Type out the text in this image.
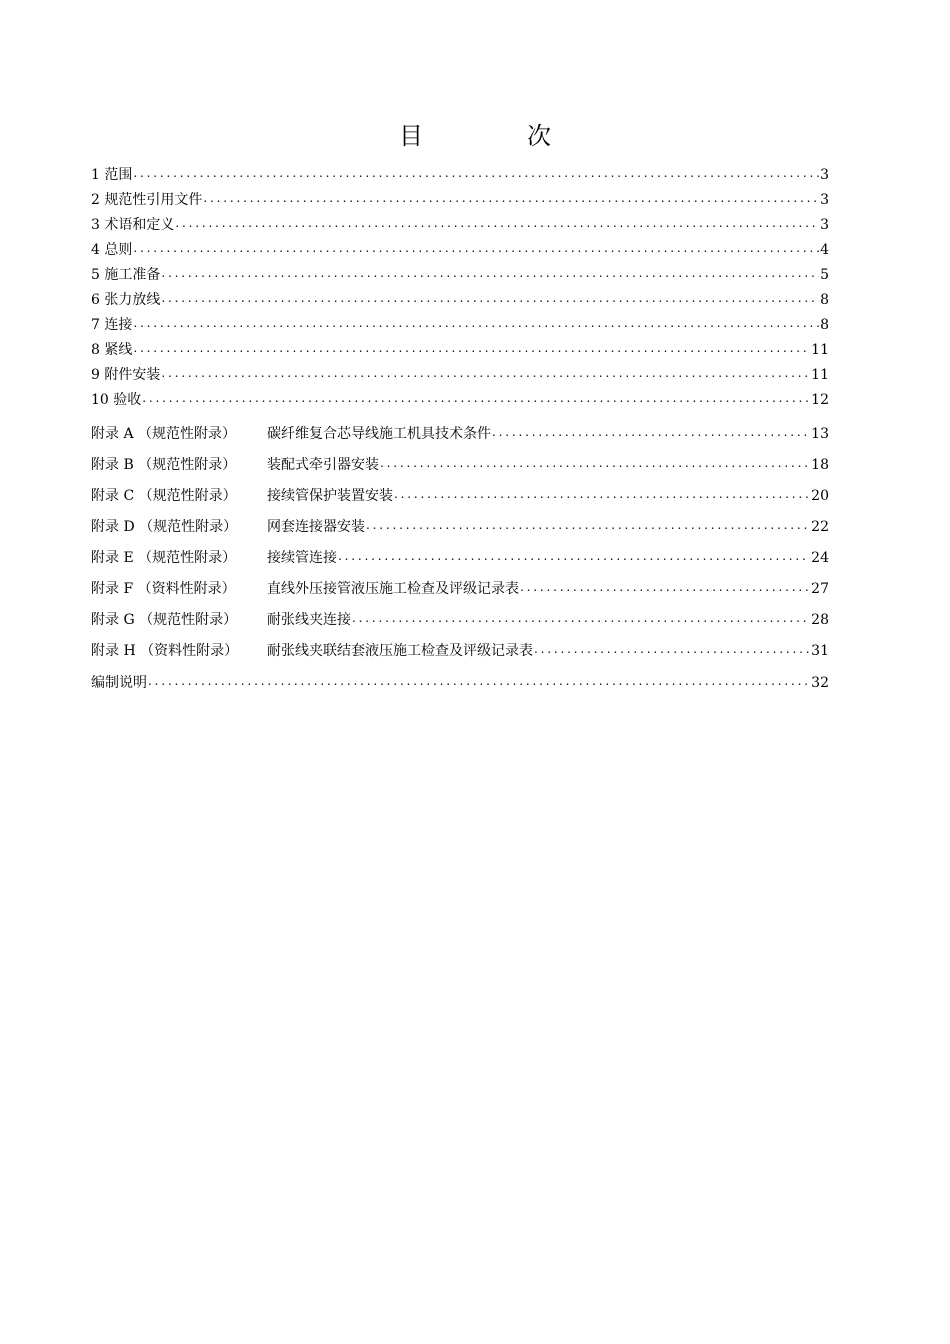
目　次
1 范围 . . .	3
2 规范性引用文件 . . .	3
3 术语和定义 . . .	3
4 总则 . . .	4
5 施工准备 . . .	5
6 张力放线 . . .	8
7 连接 . . .	8
8 紧线 . . .	11
9 附件安装 . . .	11
10 验收 . . .	12
附录 A （规范性附录） 碳纤维复合芯导线施工机具技术条件 . . .	13
附录 B （规范性附录） 装配式牵引器安装 . . .	18
附录 C （规范性附录） 接续管保护装置安装 . . .	20
附录 D （规范性附录） 网套连接器安装 . . .	22
附录 E （规范性附录） 接续管连接 . . .	24
附录 F （资料性附录） 直线外压接管液压施工检查及评级记录表 . . .	27
附录 G （规范性附录） 耐张线夹连接 . . .	28
附录 H （资料性附录） 耐张线夹联结套液压施工检查及评级记录表 . . .	31
编制说明 . . .	32
